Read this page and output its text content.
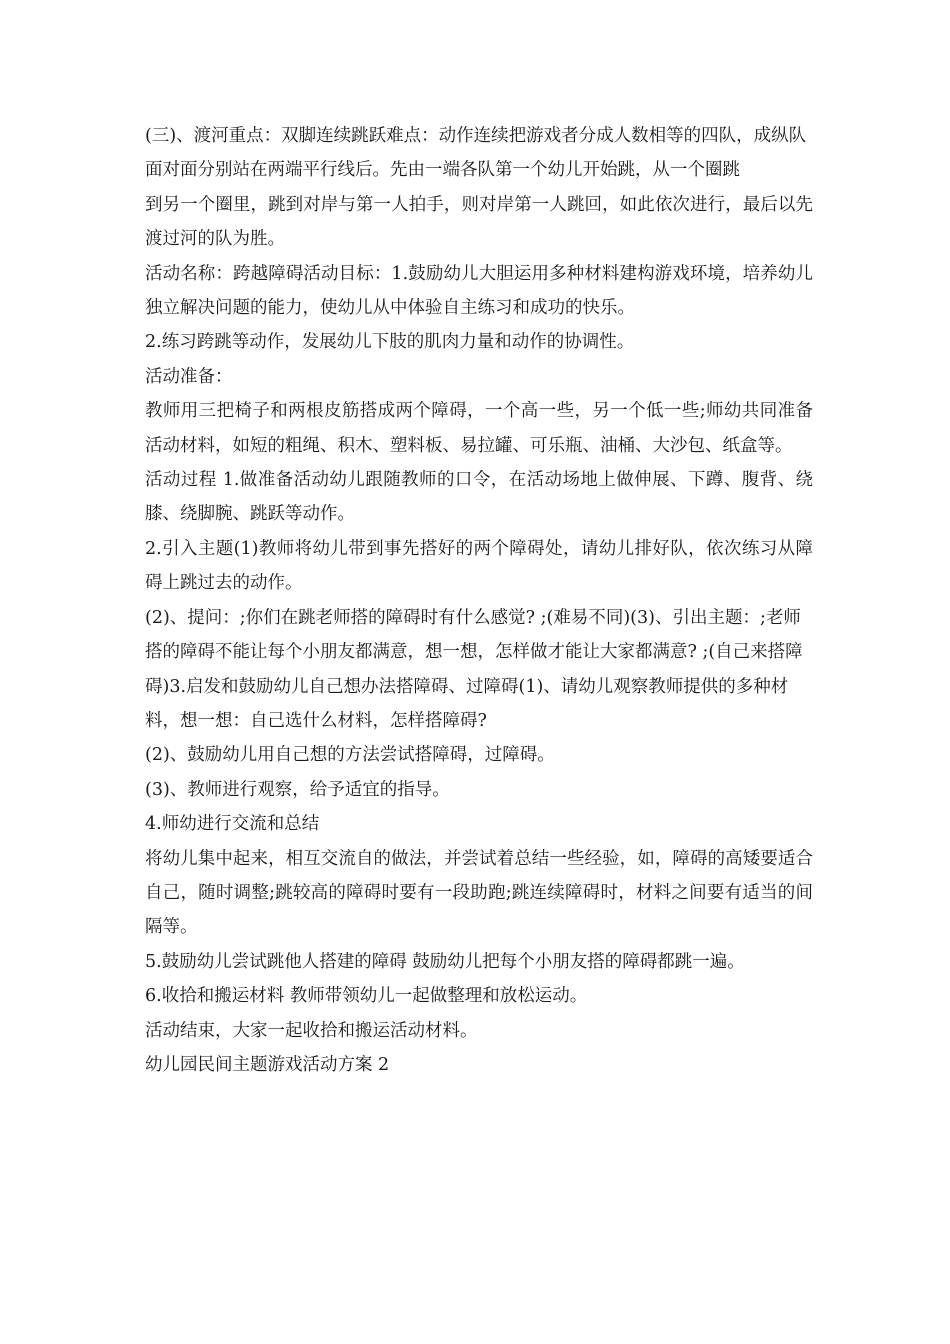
(三)、渡河重点：双脚连续跳跃难点：动作连续把游戏者分成人数相等的四队，成纵队面对面分别站在两端平行线后。先由一端各队第一个幼儿开始跳，从一个圈跳

到另一个圈里，跳到对岸与第一人拍手，则对岸第一人跳回，如此依次进行，最后以先渡过河的队为胜。

活动名称：跨越障碍活动目标：1.鼓励幼儿大胆运用多种材料建构游戏环境，培养幼儿 独立解决问题的能力，使幼儿从中体验自主练习和成功的快乐。

2.练习跨跳等动作，发展幼儿下肢的肌肉力量和动作的协调性。

活动准备：

教师用三把椅子和两根皮筋搭成两个障碍，一个高一些，另一个低一些;师幼共同准备活动材料，如短的粗绳、积木、塑料板、易拉罐、可乐瓶、油桶、大沙包、纸盒等。

活动过程 1.做准备活动幼儿跟随教师的口令，在活动场地上做伸展、下蹲、腹背、绕膝、绕脚腕、跳跃等动作。

2.引入主题(1)教师将幼儿带到事先搭好的两个障碍处，请幼儿排好队，依次练习从障碍上跳过去的动作。

(2)、提问：;你们在跳老师搭的障碍时有什么感觉? ;(难易不同)(3)、引出主题：;老师搭的障碍不能让每个小朋友都满意，想一想，怎样做才能让大家都满意? ;(自己来搭障碍)3.启发和鼓励幼儿自己想办法搭障碍、过障碍(1)、请幼儿观察教师提供的多种材料，想一想：自己选什么材料，怎样搭障碍?

(2)、鼓励幼儿用自己想的方法尝试搭障碍，过障碍。

(3)、教师进行观察，给予适宜的指导。

4.师幼进行交流和总结

将幼儿集中起来，相互交流自的做法，并尝试着总结一些经验，如，障碍的高矮要适合自己，随时调整;跳较高的障碍时要有一段助跑;跳连续障碍时，材料之间要有适当的间隔等。

5.鼓励幼儿尝试跳他人搭建的障碍 鼓励幼儿把每个小朋友搭的障碍都跳一遍。

6.收拾和搬运材料 教师带领幼儿一起做整理和放松运动。

活动结束，大家一起收拾和搬运活动材料。

幼儿园民间主题游戏活动方案 2
